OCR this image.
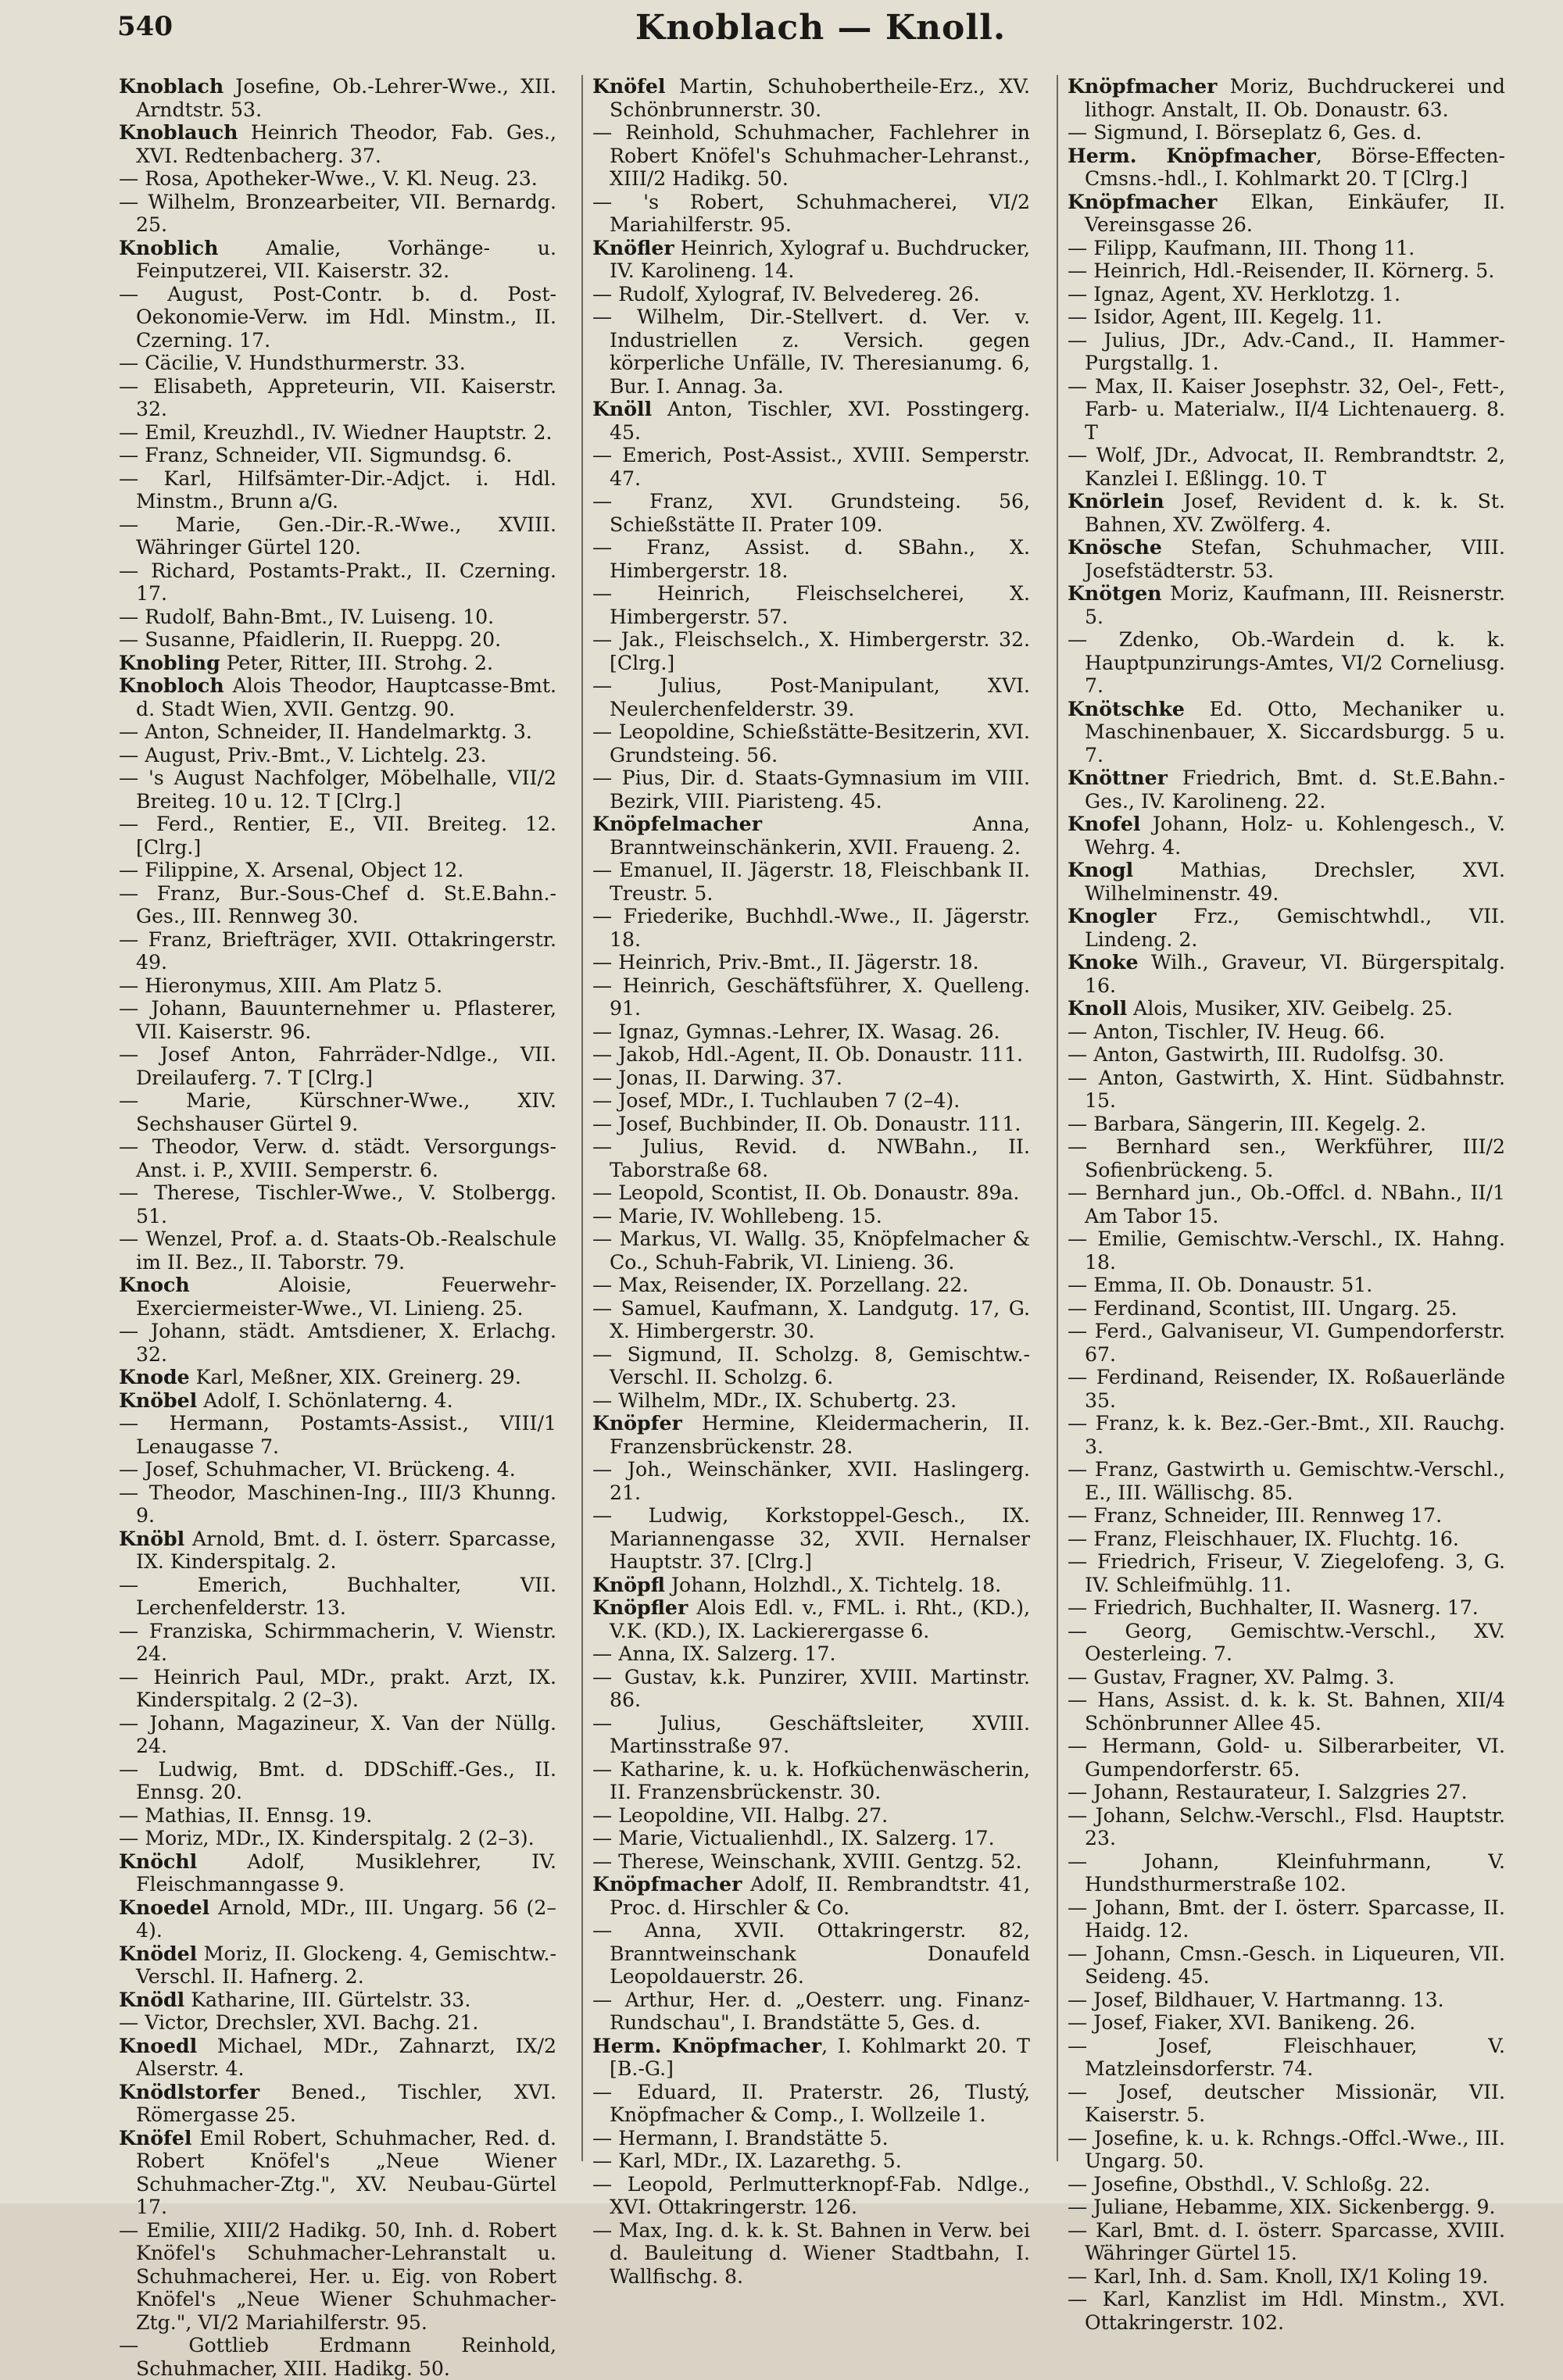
540	Knoblach — Knoll.

Knoblach Josefine, Ob.-Lehrer-Wwe., XII. Arndtstr. 53.

Knoblauch Heinrich Theodor, Fab. Ges., XVI. Redtenbacherg. 37.

— Rosa, Apotheker-Wwe., V. Kl. Neug. 23.

— Wilhelm, Bronzearbeiter, VII. Bernardg. 25.

Knoblich Amalie, Vorhänge- u. Feinputzerei, VII. Kaiserstr. 32.

— August, Post-Contr. b. d. Post-Oekonomie-Verw. im Hdl. Minstm., II. Czerning. 17.

— Cäcilie, V. Hundsthurmerstr. 33.

— Elisabeth, Appreteurin, VII. Kaiserstr. 32.

— Emil, Kreuzhdl., IV. Wiedner Hauptstr. 2.

— Franz, Schneider, VII. Sigmundsg. 6.

— Karl, Hilfsämter-Dir.-Adjct. i. Hdl. Minstm., Brunn a/G.

— Marie, Gen.-Dir.-R.-Wwe., XVIII. Währinger Gürtel 120.

— Richard, Postamts-Prakt., II. Czerning. 17.

— Rudolf, Bahn-Bmt., IV. Luiseng. 10.

— Susanne, Pfaidlerin, II. Rueppg. 20.

Knobling Peter, Ritter, III. Strohg. 2.

Knobloch Alois Theodor, Hauptcasse-Bmt. d. Stadt Wien, XVII. Gentzg. 90.

— Anton, Schneider, II. Handelmarktg. 3.

— August, Priv.-Bmt., V. Lichtelg. 23.

— 's August Nachfolger, Möbelhalle, VII/2 Breiteg. 10 u. 12. T [Clrg.]

— Ferd., Rentier, E., VII. Breiteg. 12. [Clrg.]

— Filippine, X. Arsenal, Object 12.

— Franz, Bur.-Sous-Chef d. St.E.Bahn.-Ges., III. Rennweg 30.

— Franz, Briefträger, XVII. Ottakringerstr. 49.

— Hieronymus, XIII. Am Platz 5.

— Johann, Bauunternehmer u. Pflasterer, VII. Kaiserstr. 96.

— Josef Anton, Fahrräder-Ndlge., VII. Dreilauferg. 7. T [Clrg.]

— Marie, Kürschner-Wwe., XIV. Sechshauser Gürtel 9.

— Theodor, Verw. d. städt. Versorgungs-Anst. i. P., XVIII. Semperstr. 6.

— Therese, Tischler-Wwe., V. Stolbergg. 51.

— Wenzel, Prof. a. d. Staats-Ob.-Realschule im II. Bez., II. Taborstr. 79.

Knoch Aloisie, Feuerwehr-Exerciermeister-Wwe., VI. Linieng. 25.

— Johann, städt. Amtsdiener, X. Erlachg. 32.

Knode Karl, Meßner, XIX. Greinerg. 29.

Knöbel Adolf, I. Schönlaterng. 4.

— Hermann, Postamts-Assist., VIII/1 Lenaugasse 7.

— Josef, Schuhmacher, VI. Brückeng. 4.

— Theodor, Maschinen-Ing., III/3 Khunng. 9.

Knöbl Arnold, Bmt. d. I. österr. Sparcasse, IX. Kinderspitalg. 2.

— Emerich, Buchhalter, VII. Lerchenfelderstr. 13.

— Franziska, Schirmmacherin, V. Wienstr. 24.

— Heinrich Paul, MDr., prakt. Arzt, IX. Kinderspitalg. 2 (2–3).

— Johann, Magazineur, X. Van der Nüllg. 24.

— Ludwig, Bmt. d. DDSchiff.-Ges., II. Ennsg. 20.

— Mathias, II. Ennsg. 19.

— Moriz, MDr., IX. Kinderspitalg. 2 (2–3).

Knöchl Adolf, Musiklehrer, IV. Fleischmanngasse 9.

Knoedel Arnold, MDr., III. Ungarg. 56 (2–4).

Knödel Moriz, II. Glockeng. 4, Gemischtw.-Verschl. II. Hafnerg. 2.

Knödl Katharine, III. Gürtelstr. 33.

— Victor, Drechsler, XVI. Bachg. 21.

Knoedl Michael, MDr., Zahnarzt, IX/2 Alserstr. 4.

Knödlstorfer Bened., Tischler, XVI. Römergasse 25.

Knöfel Emil Robert, Schuhmacher, Red. d. Robert Knöfel's „Neue Wiener Schuhmacher-Ztg.", XV. Neubau-Gürtel 17.

— Emilie, XIII/2 Hadikg. 50, Inh. d. Robert Knöfel's Schuhmacher-Lehranstalt u. Schuhmacherei, Her. u. Eig. von Robert Knöfel's „Neue Wiener Schuhmacher-Ztg.", VI/2 Mariahilferstr. 95.

— Gottlieb Erdmann Reinhold, Schuhmacher, XIII. Hadikg. 50.

Knöfel Martin, Schuhobertheile-Erz., XV. Schönbrunnerstr. 30.

— Reinhold, Schuhmacher, Fachlehrer in Robert Knöfel's Schuhmacher-Lehranst., XIII/2 Hadikg. 50.

— 's Robert, Schuhmacherei, VI/2 Mariahilferstr. 95.

Knöfler Heinrich, Xylograf u. Buchdrucker, IV. Karolineng. 14.

— Rudolf, Xylograf, IV. Belvedereg. 26.

— Wilhelm, Dir.-Stellvert. d. Ver. v. Industriellen z. Versich. gegen körperliche Unfälle, IV. Theresianumg. 6, Bur. I. Annag. 3a.

Knöll Anton, Tischler, XVI. Posstingerg. 45.

— Emerich, Post-Assist., XVIII. Semperstr. 47.

— Franz, XVI. Grundsteing. 56, Schießstätte II. Prater 109.

— Franz, Assist. d. SBahn., X. Himbergerstr. 18.

— Heinrich, Fleischselcherei, X. Himbergerstr. 57.

— Jak., Fleischselch., X. Himbergerstr. 32. [Clrg.]

— Julius, Post-Manipulant, XVI. Neulerchenfelderstr. 39.

— Leopoldine, Schießstätte-Besitzerin, XVI. Grundsteing. 56.

— Pius, Dir. d. Staats-Gymnasium im VIII. Bezirk, VIII. Piaristeng. 45.

Knöpfelmacher Anna, Branntweinschänkerin, XVII. Fraueng. 2.

— Emanuel, II. Jägerstr. 18, Fleischbank II. Treustr. 5.

— Friederike, Buchhdl.-Wwe., II. Jägerstr. 18.

— Heinrich, Priv.-Bmt., II. Jägerstr. 18.

— Heinrich, Geschäftsführer, X. Quelleng. 91.

— Ignaz, Gymnas.-Lehrer, IX. Wasag. 26.

— Jakob, Hdl.-Agent, II. Ob. Donaustr. 111.

— Jonas, II. Darwing. 37.

— Josef, MDr., I. Tuchlauben 7 (2–4).

— Josef, Buchbinder, II. Ob. Donaustr. 111.

— Julius, Revid. d. NWBahn., II. Taborstraße 68.

— Leopold, Scontist, II. Ob. Donaustr. 89a.

— Marie, IV. Wohllebeng. 15.

— Markus, VI. Wallg. 35, Knöpfelmacher & Co., Schuh-Fabrik, VI. Linieng. 36.

— Max, Reisender, IX. Porzellang. 22.

— Samuel, Kaufmann, X. Landgutg. 17, G. X. Himbergerstr. 30.

— Sigmund, II. Scholzg. 8, Gemischtw.-Verschl. II. Scholzg. 6.

— Wilhelm, MDr., IX. Schubertg. 23.

Knöpfer Hermine, Kleidermacherin, II. Franzensbrückenstr. 28.

— Joh., Weinschänker, XVII. Haslingerg. 21.

— Ludwig, Korkstoppel-Gesch., IX. Mariannengasse 32, XVII. Hernalser Hauptstr. 37. [Clrg.]

Knöpfl Johann, Holzhdl., X. Tichtelg. 18.

Knöpfler Alois Edl. v., FML. i. Rht., (KD.), V.K. (KD.), IX. Lackierergasse 6.

— Anna, IX. Salzerg. 17.

— Gustav, k.k. Punzirer, XVIII. Martinstr. 86.

— Julius, Geschäftsleiter, XVIII. Martinsstraße 97.

— Katharine, k. u. k. Hofküchenwäscherin, II. Franzensbrückenstr. 30.

— Leopoldine, VII. Halbg. 27.

— Marie, Victualienhdl., IX. Salzerg. 17.

— Therese, Weinschank, XVIII. Gentzg. 52.

Knöpfmacher Adolf, II. Rembrandtstr. 41, Proc. d. Hirschler & Co.

— Anna, XVII. Ottakringerstr. 82, Branntweinschank Donaufeld Leopoldauerstr. 26.

— Arthur, Her. d. „Oesterr. ung. Finanz-Rundschau", I. Brandstätte 5, Ges. d.

Herm. Knöpfmacher, I. Kohlmarkt 20. T [B.-G.]

— Eduard, II. Praterstr. 26, Tlustý, Knöpfmacher & Comp., I. Wollzeile 1.

— Hermann, I. Brandstätte 5.

— Karl, MDr., IX. Lazarethg. 5.

— Leopold, Perlmutterknopf-Fab. Ndlge., XVI. Ottakringerstr. 126.

— Max, Ing. d. k. k. St. Bahnen in Verw. bei d. Bauleitung d. Wiener Stadtbahn, I. Wallfischg. 8.

Knöpfmacher Moriz, Buchdruckerei und lithogr. Anstalt, II. Ob. Donaustr. 63.

— Sigmund, I. Börseplatz 6, Ges. d.

Herm. Knöpfmacher, Börse-Effecten-Cmsns.-hdl., I. Kohlmarkt 20. T [Clrg.]

Knöpfmacher Elkan, Einkäufer, II. Vereinsgasse 26.

— Filipp, Kaufmann, III. Thong 11.

— Heinrich, Hdl.-Reisender, II. Körnerg. 5.

— Ignaz, Agent, XV. Herklotzg. 1.

— Isidor, Agent, III. Kegelg. 11.

— Julius, JDr., Adv.-Cand., II. Hammer-Purgstallg. 1.

— Max, II. Kaiser Josephstr. 32, Oel-, Fett-, Farb- u. Materialw., II/4 Lichtenauerg. 8. T

— Wolf, JDr., Advocat, II. Rembrandtstr. 2, Kanzlei I. Eßlingg. 10. T

Knörlein Josef, Revident d. k. k. St. Bahnen, XV. Zwölferg. 4.

Knösche Stefan, Schuhmacher, VIII. Josefstädterstr. 53.

Knötgen Moriz, Kaufmann, III. Reisnerstr. 5.

— Zdenko, Ob.-Wardein d. k. k. Hauptpunzirungs-Amtes, VI/2 Corneliusg. 7.

Knötschke Ed. Otto, Mechaniker u. Maschinenbauer, X. Siccardsburgg. 5 u. 7.

Knöttner Friedrich, Bmt. d. St.E.Bahn.-Ges., IV. Karolineng. 22.

Knofel Johann, Holz- u. Kohlengesch., V. Wehrg. 4.

Knogl Mathias, Drechsler, XVI. Wilhelminenstr. 49.

Knogler Frz., Gemischtwhdl., VII. Lindeng. 2.

Knoke Wilh., Graveur, VI. Bürgerspitalg. 16.

Knoll Alois, Musiker, XIV. Geibelg. 25.

— Anton, Tischler, IV. Heug. 66.

— Anton, Gastwirth, III. Rudolfsg. 30.

— Anton, Gastwirth, X. Hint. Südbahnstr. 15.

— Barbara, Sängerin, III. Kegelg. 2.

— Bernhard sen., Werkführer, III/2 Sofienbrückeng. 5.

— Bernhard jun., Ob.-Offcl. d. NBahn., II/1 Am Tabor 15.

— Emilie, Gemischtw.-Verschl., IX. Hahng. 18.

— Emma, II. Ob. Donaustr. 51.

— Ferdinand, Scontist, III. Ungarg. 25.

— Ferd., Galvaniseur, VI. Gumpendorferstr. 67.

— Ferdinand, Reisender, IX. Roßauerlände 35.

— Franz, k. k. Bez.-Ger.-Bmt., XII. Rauchg. 3.

— Franz, Gastwirth u. Gemischtw.-Verschl., E., III. Wällischg. 85.

— Franz, Schneider, III. Rennweg 17.

— Franz, Fleischhauer, IX. Fluchtg. 16.

— Friedrich, Friseur, V. Ziegelofeng. 3, G. IV. Schleifmühlg. 11.

— Friedrich, Buchhalter, II. Wasnerg. 17.

— Georg, Gemischtw.-Verschl., XV. Oesterleing. 7.

— Gustav, Fragner, XV. Palmg. 3.

— Hans, Assist. d. k. k. St. Bahnen, XII/4 Schönbrunner Allee 45.

— Hermann, Gold- u. Silberarbeiter, VI. Gumpendorferstr. 65.

— Johann, Restaurateur, I. Salzgries 27.

— Johann, Selchw.-Verschl., Flsd. Hauptstr. 23.

— Johann, Kleinfuhrmann, V. Hundsthurmerstraße 102.

— Johann, Bmt. der I. österr. Sparcasse, II. Haidg. 12.

— Johann, Cmsn.-Gesch. in Liqueuren, VII. Seideng. 45.

— Josef, Bildhauer, V. Hartmanng. 13.

— Josef, Fiaker, XVI. Banikeng. 26.

— Josef, Fleischhauer, V. Matzleinsdorferstr. 74.

— Josef, deutscher Missionär, VII. Kaiserstr. 5.

— Josefine, k. u. k. Rchngs.-Offcl.-Wwe., III. Ungarg. 50.

— Josefine, Obsthdl., V. Schloßg. 22.

— Juliane, Hebamme, XIX. Sickenbergg. 9.

— Karl, Bmt. d. I. österr. Sparcasse, XVIII. Währinger Gürtel 15.

— Karl, Inh. d. Sam. Knoll, IX/1 Koling 19.

— Karl, Kanzlist im Hdl. Minstm., XVI. Ottakringerstr. 102.
